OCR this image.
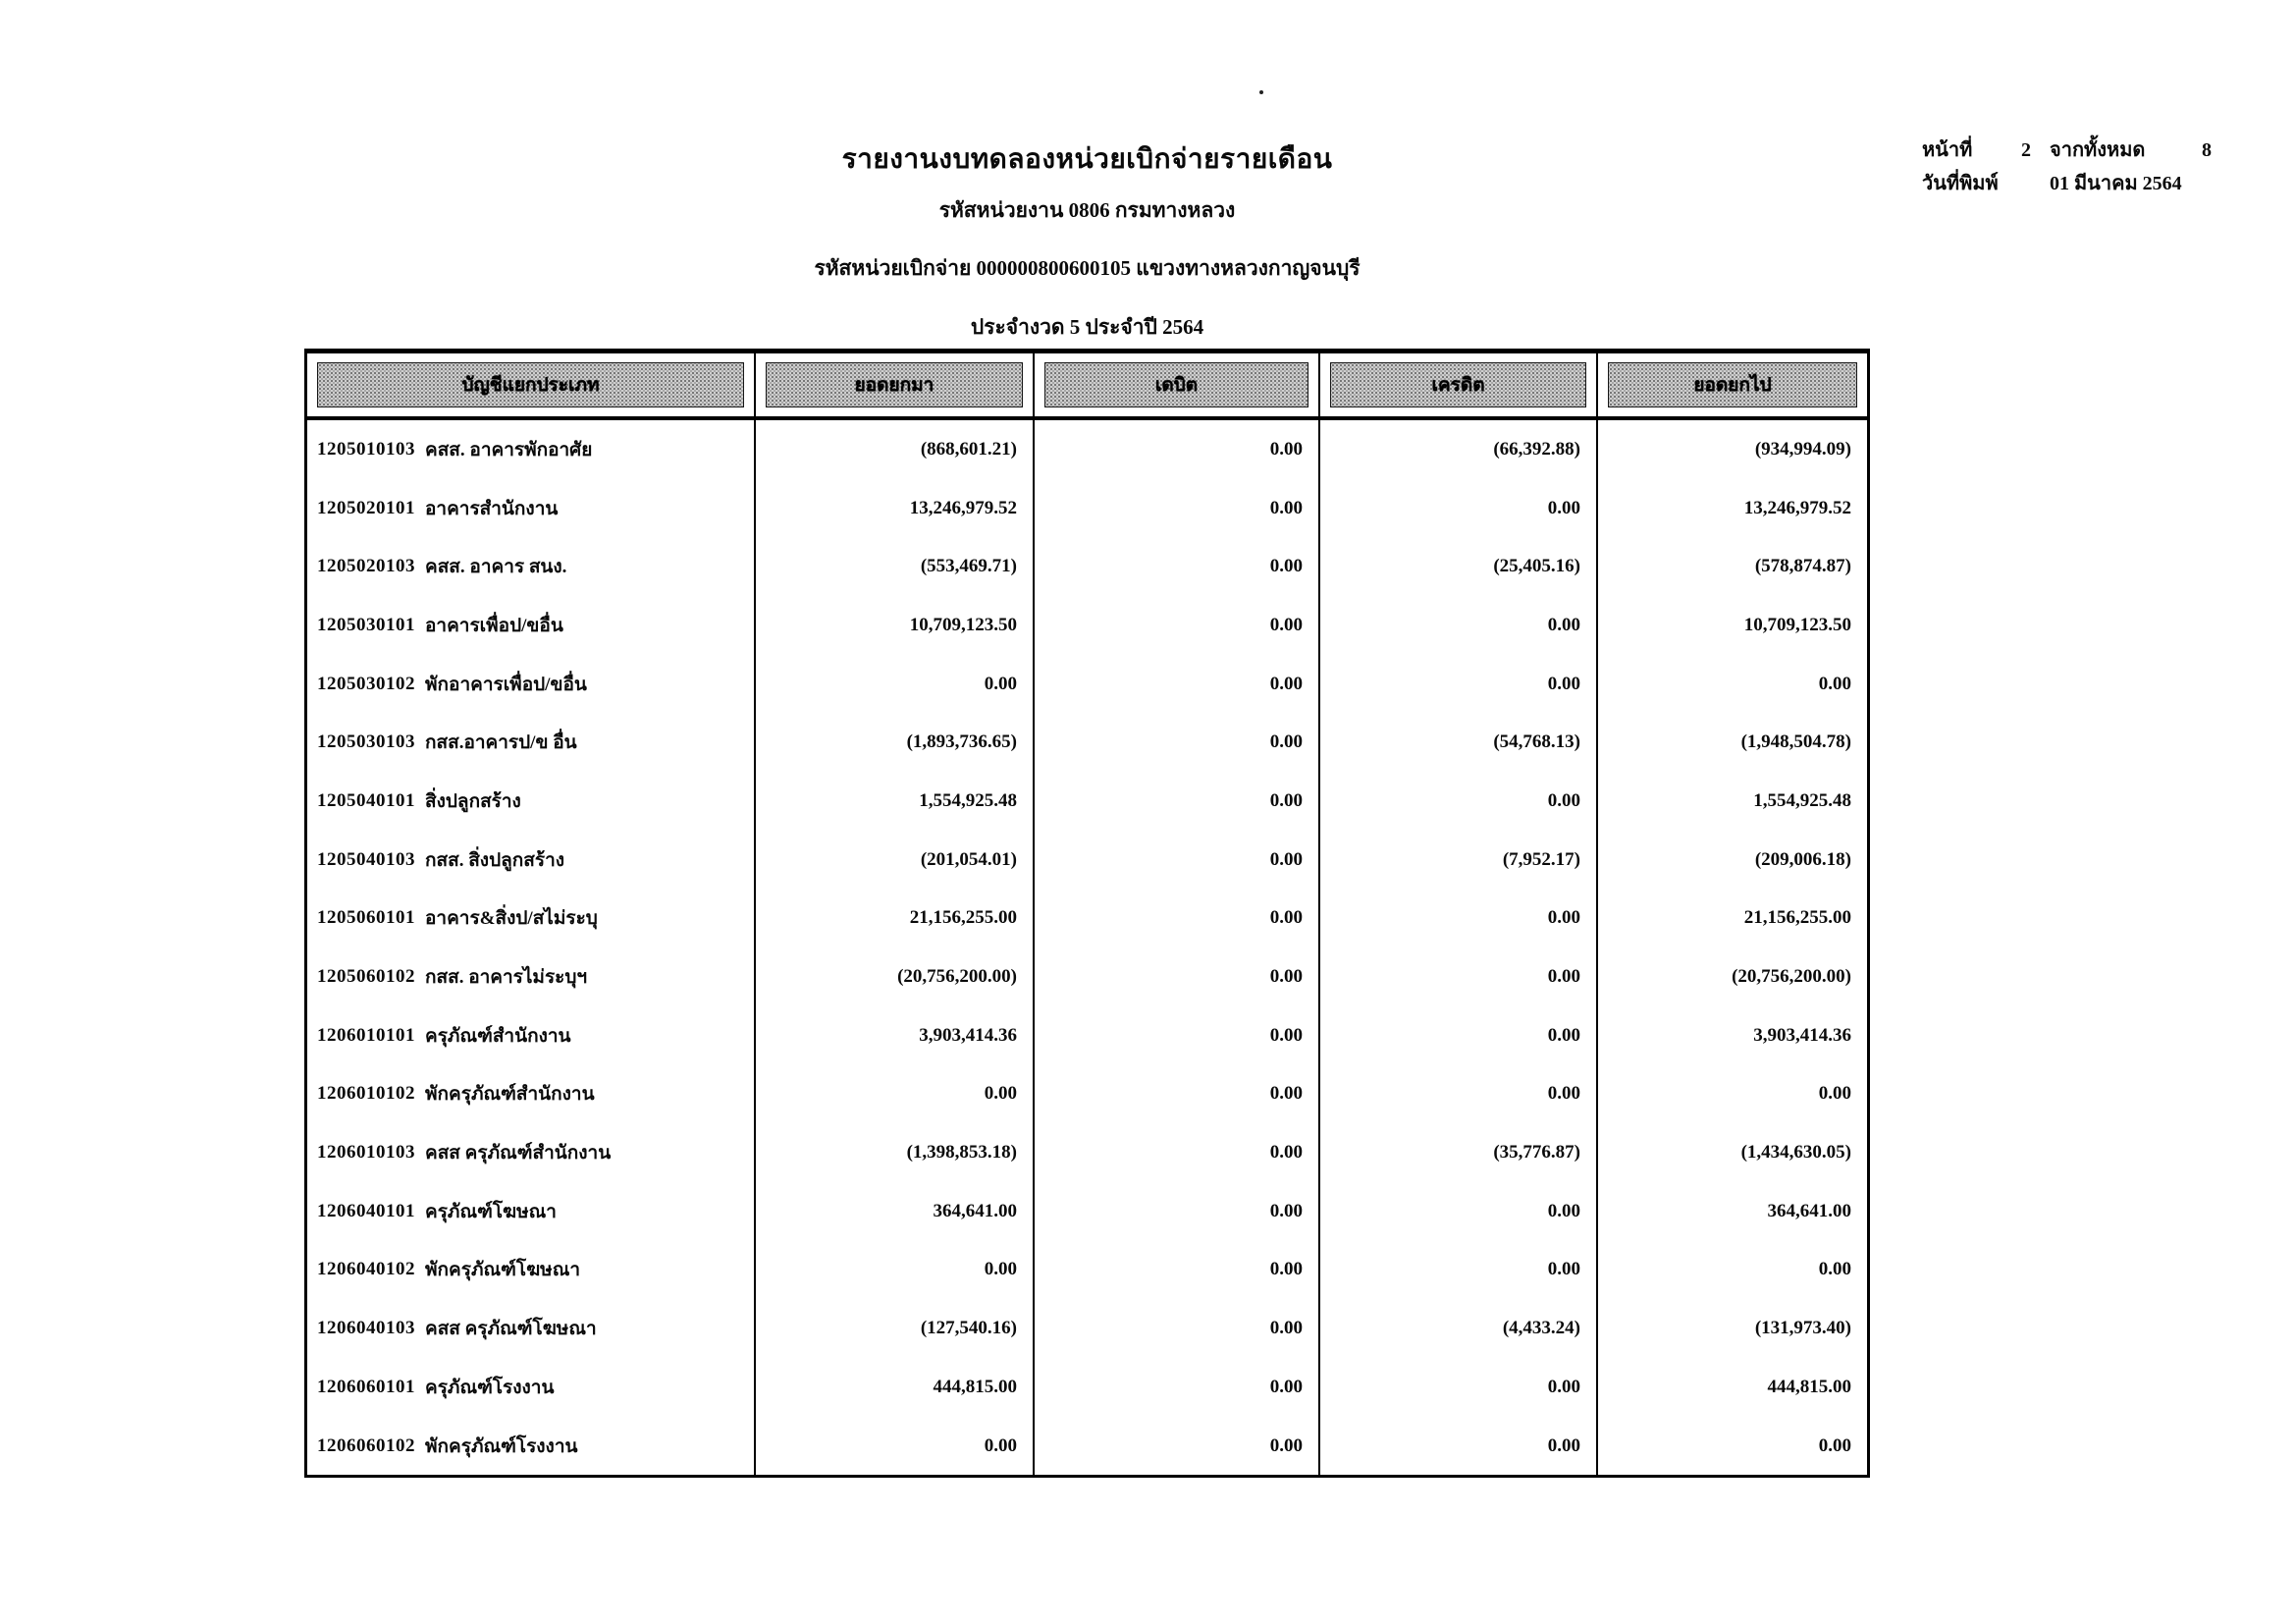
หน้าที่	2 จากทั้งหมด	8
วันที่พิมพ์	01 มีนาคม 2564
รายงานงบทดลองหน่วยเบิกจ่ายรายเดือน
รหัสหน่วยงาน 0806 กรมทางหลวง
รหัสหน่วยเบิกจ่าย 000000800600105 แขวงทางหลวงกาญจนบุรี
ประจำงวด 5 ประจำปี 2564
บัญชีแยกประเภท	ยอดยกมา	เดบิต	เครดิต	ยอดยกไป
1205010103 คสส. อาคารพักอาศัย	(868,601.21)	0.00	(66,392.88)	(934,994.09)
1205020101 อาคารสำนักงาน	13,246,979.52	0.00	0.00	13,246,979.52
1205020103 คสส. อาคาร สนง.	(553,469.71)	0.00	(25,405.16)	(578,874.87)
1205030101 อาคารเพื่อป/ขอื่น	10,709,123.50	0.00	0.00	10,709,123.50
1205030102 พักอาคารเพื่อป/ขอื่น	0.00	0.00	0.00	0.00
1205030103 กสส.อาคารป/ข อื่น	(1,893,736.65)	0.00	(54,768.13)	(1,948,504.78)
1205040101 สิ่งปลูกสร้าง	1,554,925.48	0.00	0.00	1,554,925.48
1205040103 กสส. สิ่งปลูกสร้าง	(201,054.01)	0.00	(7,952.17)	(209,006.18)
1205060101 อาคาร&สิ่งป/สไม่ระบุ	21,156,255.00	0.00	0.00	21,156,255.00
1205060102 กสส. อาคารไม่ระบุฯ	(20,756,200.00)	0.00	0.00	(20,756,200.00)
1206010101 ครุภัณฑ์สำนักงาน	3,903,414.36	0.00	0.00	3,903,414.36
1206010102 พักครุภัณฑ์สำนักงาน	0.00	0.00	0.00	0.00
1206010103 คสส ครุภัณฑ์สำนักงาน	(1,398,853.18)	0.00	(35,776.87)	(1,434,630.05)
1206040101 ครุภัณฑ์โฆษณา	364,641.00	0.00	0.00	364,641.00
1206040102 พักครุภัณฑ์โฆษณา	0.00	0.00	0.00	0.00
1206040103 คสส ครุภัณฑ์โฆษณา	(127,540.16)	0.00	(4,433.24)	(131,973.40)
1206060101 ครุภัณฑ์โรงงาน	444,815.00	0.00	0.00	444,815.00
1206060102 พักครุภัณฑ์โรงงาน	0.00	0.00	0.00	0.00
